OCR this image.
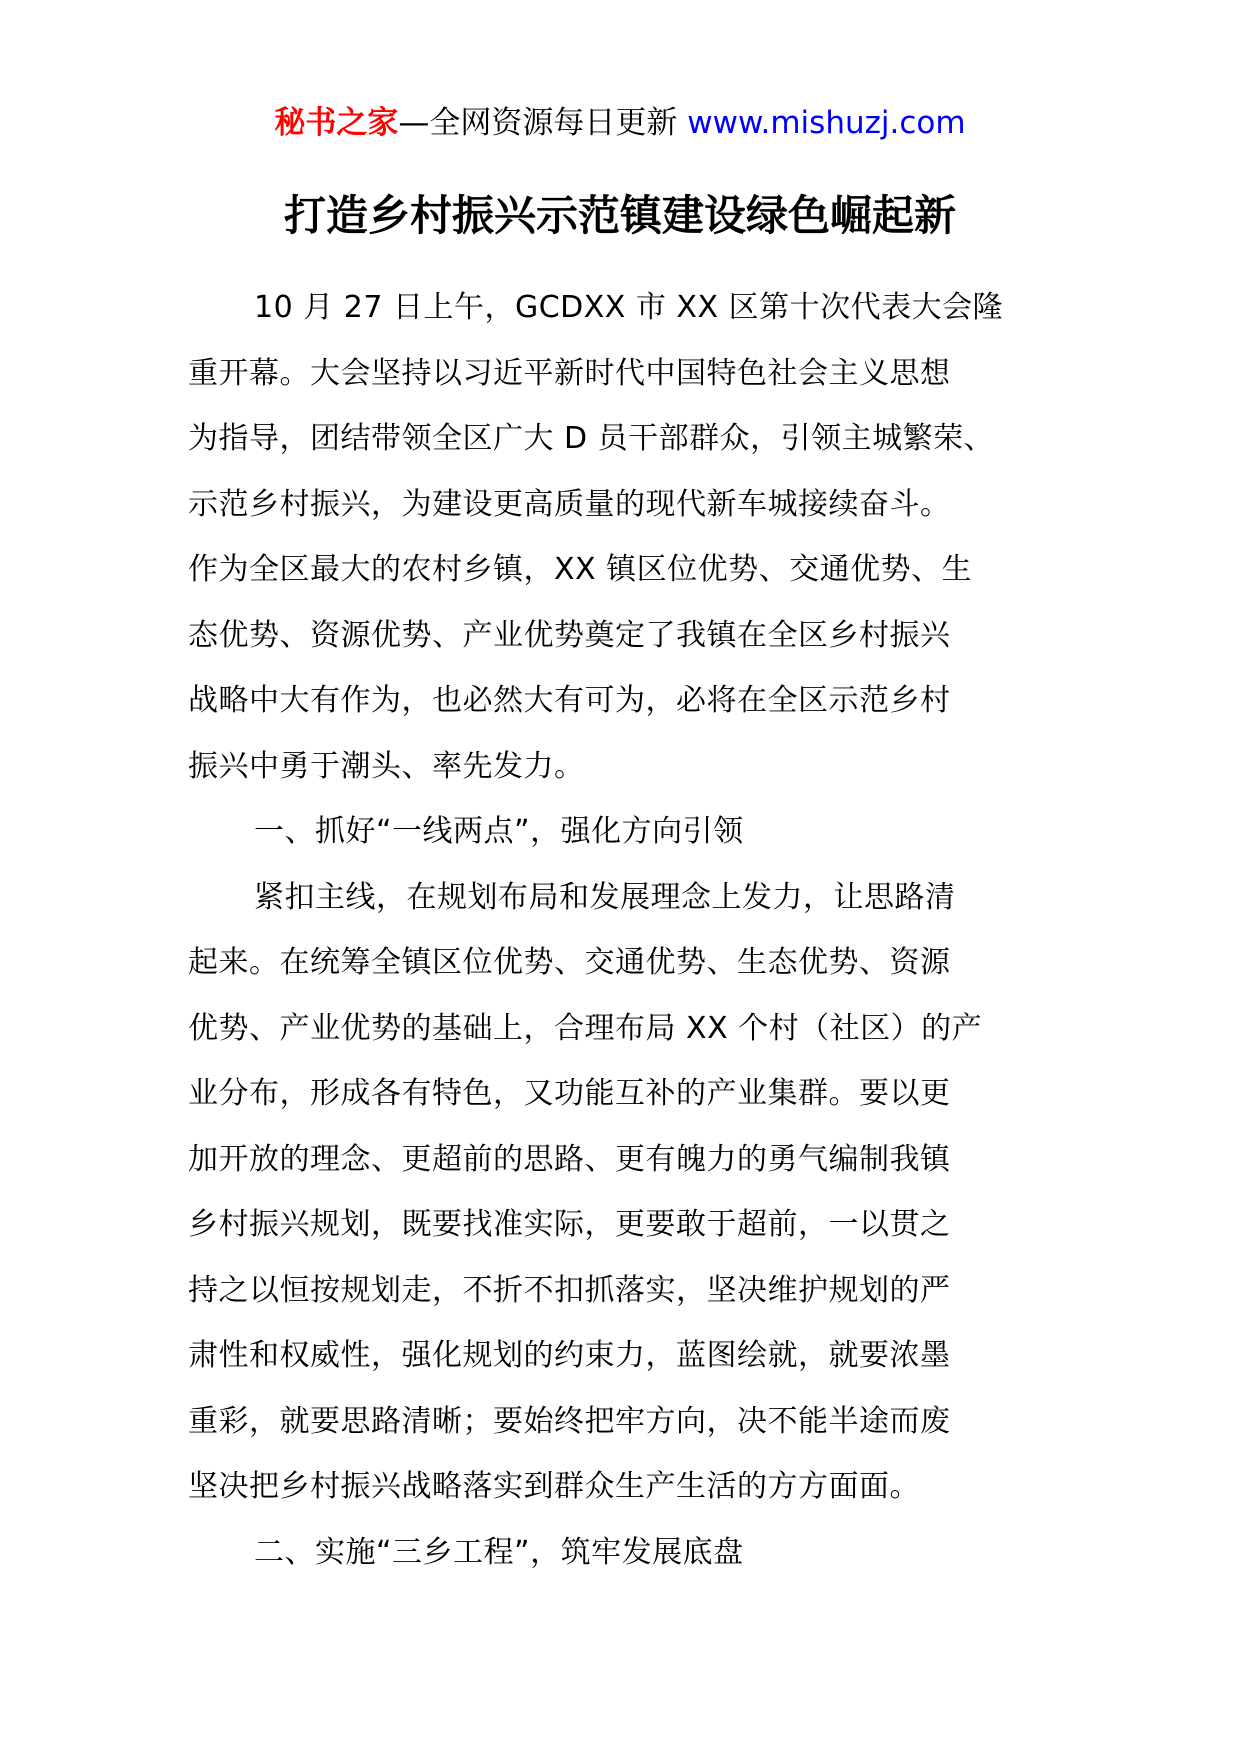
秘书之家—全网资源每日更新 www.mishuzj.com
打造乡村振兴示范镇建设绿色崛起新
10 月 27 日上午，GCDXX 市 XX 区第十次代表大会隆
重开幕。大会坚持以习近平新时代中国特色社会主义思想
为指导，团结带领全区广大 D 员干部群众，引领主城繁荣、
示范乡村振兴，为建设更高质量的现代新车城接续奋斗。
作为全区最大的农村乡镇，XX 镇区位优势、交通优势、生
态优势、资源优势、产业优势奠定了我镇在全区乡村振兴
战略中大有作为，也必然大有可为，必将在全区示范乡村
振兴中勇于潮头、率先发力。
一、抓好“一线两点”，强化方向引领
紧扣主线，在规划布局和发展理念上发力，让思路清
起来。在统筹全镇区位优势、交通优势、生态优势、资源
优势、产业优势的基础上，合理布局 XX 个村（社区）的产
业分布，形成各有特色，又功能互补的产业集群。要以更
加开放的理念、更超前的思路、更有魄力的勇气编制我镇
乡村振兴规划，既要找准实际，更要敢于超前，一以贯之
持之以恒按规划走，不折不扣抓落实，坚决维护规划的严
肃性和权威性，强化规划的约束力，蓝图绘就，就要浓墨
重彩，就要思路清晰；要始终把牢方向，决不能半途而废
坚决把乡村振兴战略落实到群众生产生活的方方面面。
二、实施“三乡工程”，筑牢发展底盘
